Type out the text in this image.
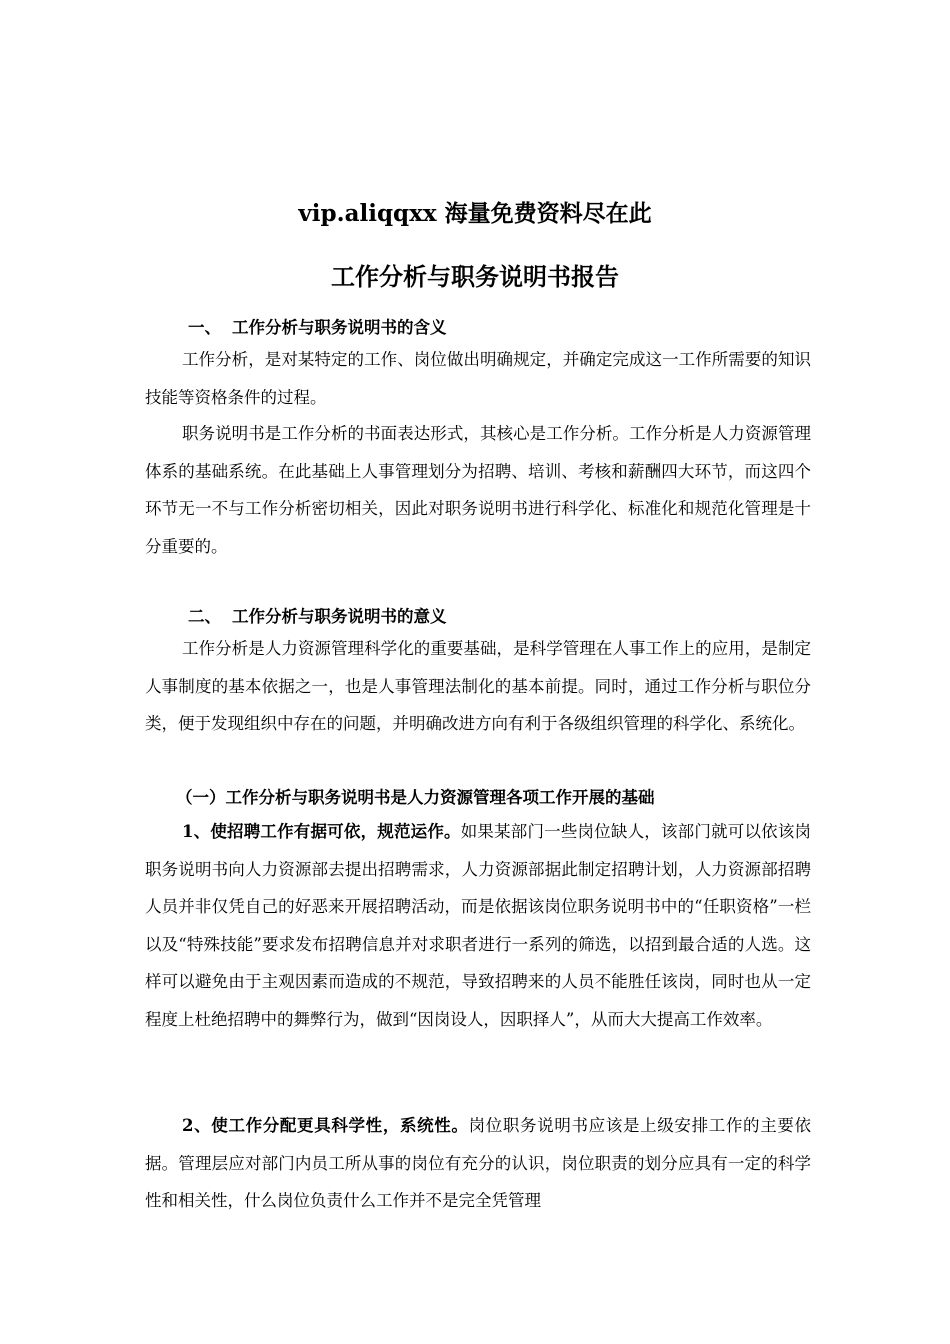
vip.aliqqxx 海量免费资料尽在此
工作分析与职务说明书报告
一、 工作分析与职务说明书的含义
工作分析，是对某特定的工作、岗位做出明确规定，并确定完成这一工作所需要的知识技能等资格条件的过程。
职务说明书是工作分析的书面表达形式，其核心是工作分析。工作分析是人力资源管理体系的基础系统。在此基础上人事管理划分为招聘、培训、考核和薪酬四大环节，而这四个环节无一不与工作分析密切相关，因此对职务说明书进行科学化、标准化和规范化管理是十分重要的。
二、 工作分析与职务说明书的意义
工作分析是人力资源管理科学化的重要基础，是科学管理在人事工作上的应用，是制定人事制度的基本依据之一，也是人事管理法制化的基本前提。同时，通过工作分析与职位分类，便于发现组织中存在的问题，并明确改进方向有利于各级组织管理的科学化、系统化。
（一）工作分析与职务说明书是人力资源管理各项工作开展的基础
1、使招聘工作有据可依，规范运作。如果某部门一些岗位缺人，该部门就可以依该岗职务说明书向人力资源部去提出招聘需求，人力资源部据此制定招聘计划，人力资源部招聘人员并非仅凭自己的好恶来开展招聘活动，而是依据该岗位职务说明书中的“任职资格”一栏以及“特殊技能”要求发布招聘信息并对求职者进行一系列的筛选，以招到最合适的人选。这样可以避免由于主观因素而造成的不规范，导致招聘来的人员不能胜任该岗，同时也从一定程度上杜绝招聘中的舞弊行为，做到“因岗设人，因职择人”，从而大大提高工作效率。
2、使工作分配更具科学性，系统性。岗位职务说明书应该是上级安排工作的主要依据。管理层应对部门内员工所从事的岗位有充分的认识，岗位职责的划分应具有一定的科学性和相关性，什么岗位负责什么工作并不是完全凭管理
